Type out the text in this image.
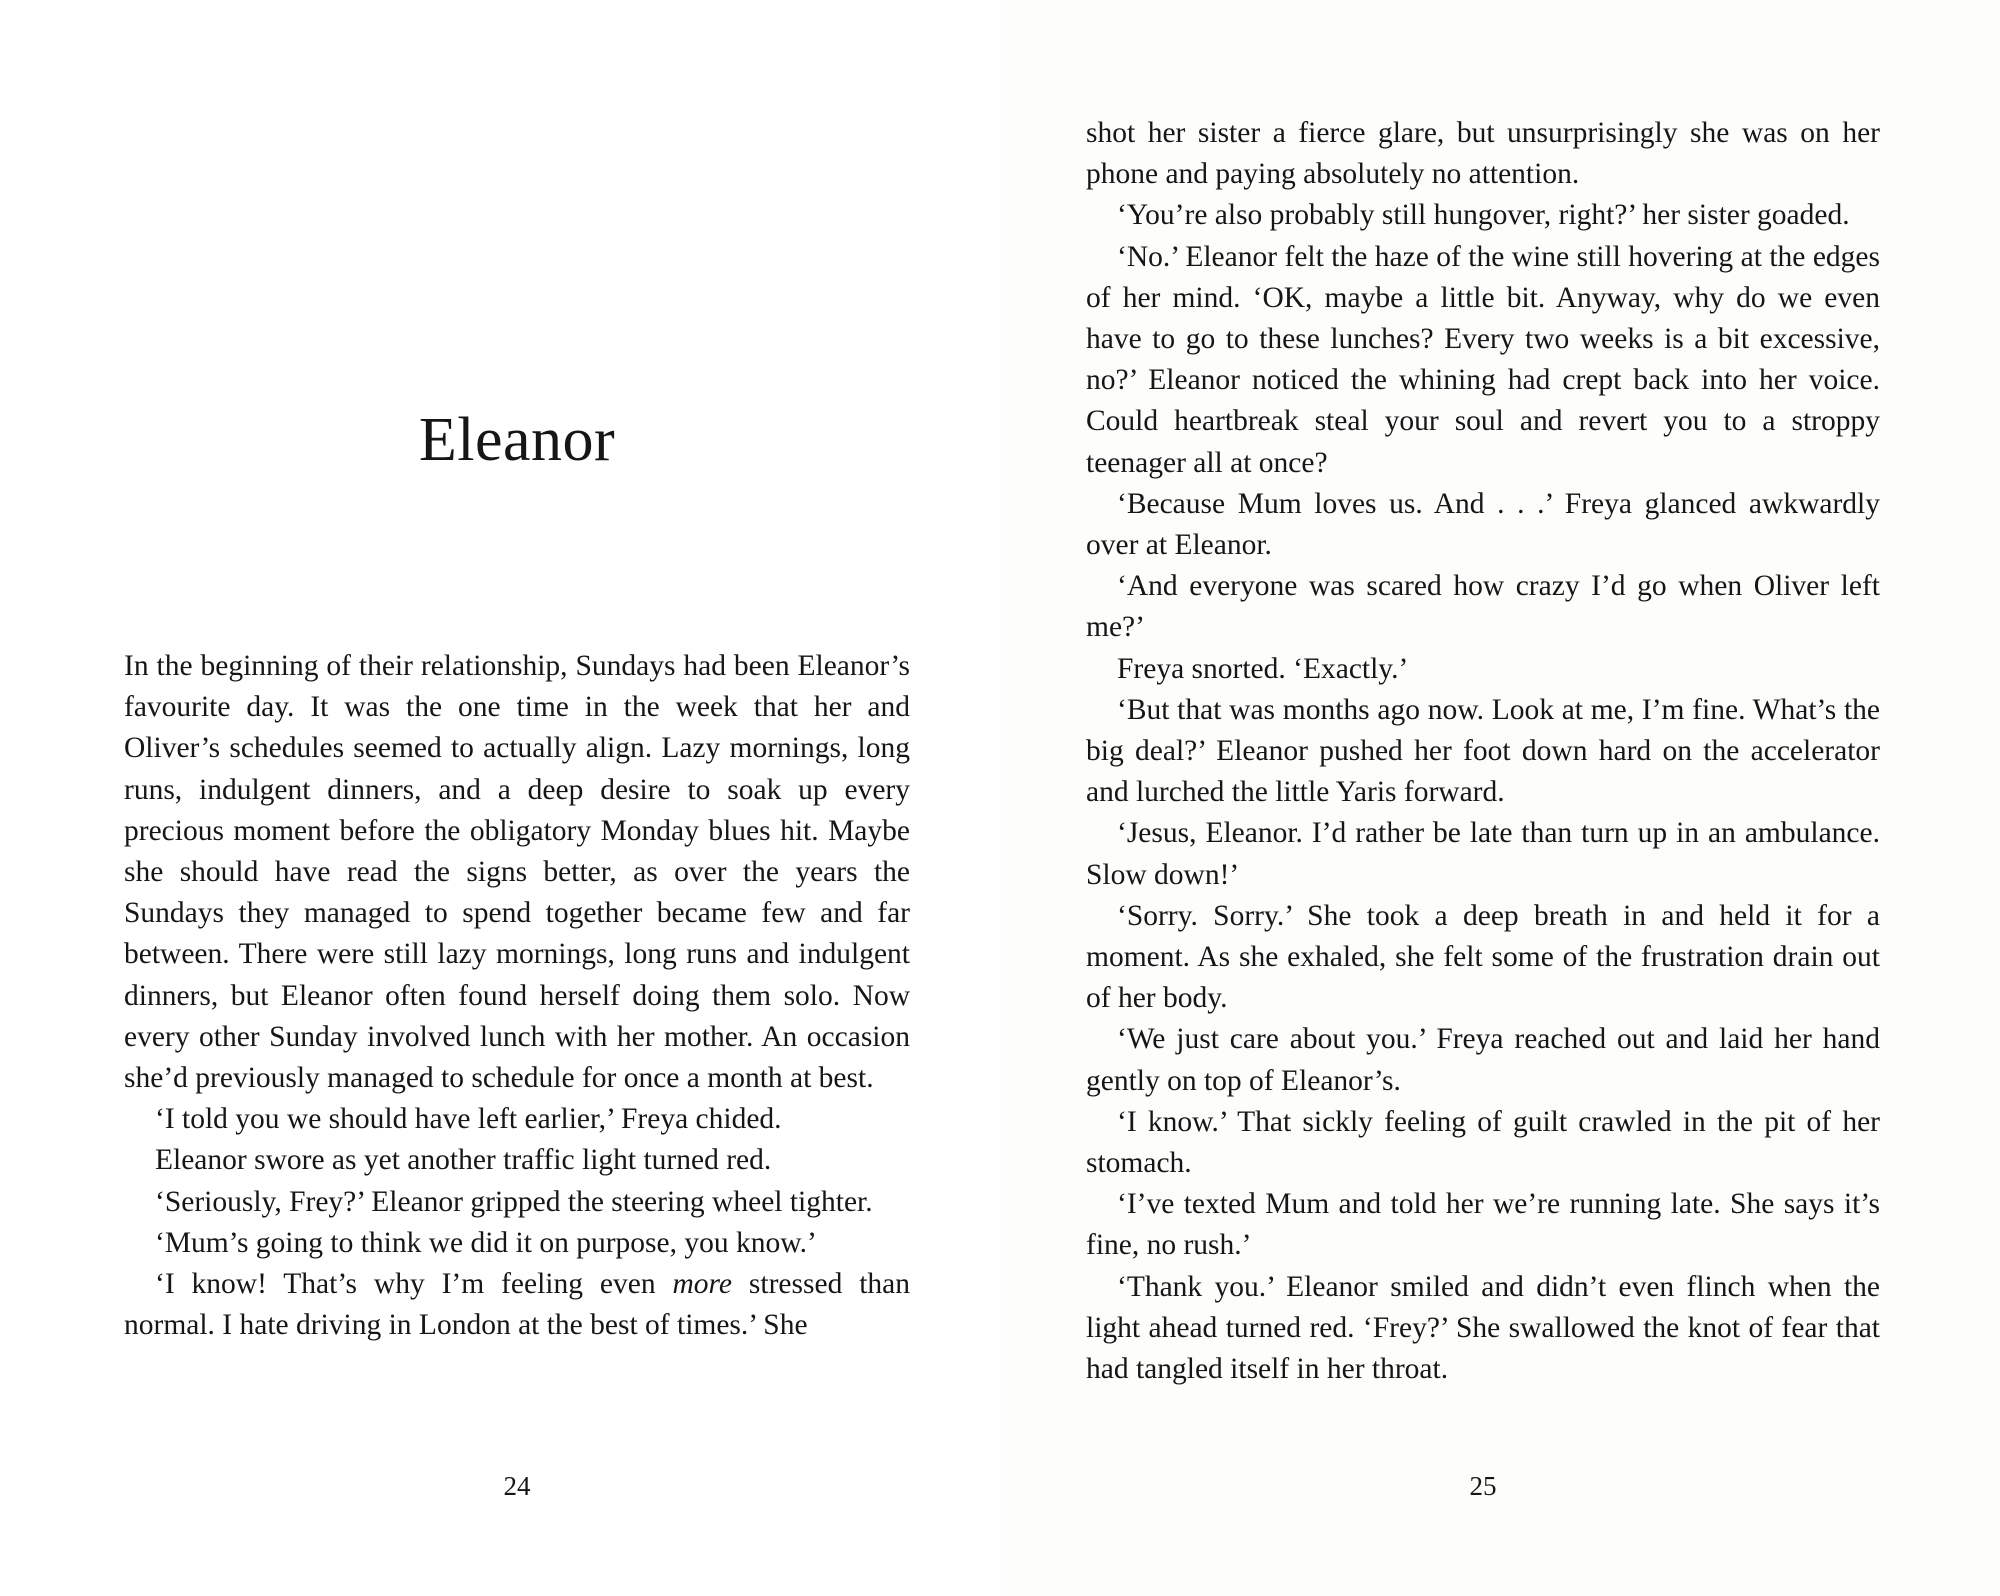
Eleanor

In the beginning of their relationship, Sundays had been Eleanor’s favourite day. It was the one time in the week that her and Oliver’s schedules seemed to actually align. Lazy mornings, long runs, indulgent dinners, and a deep desire to soak up every precious moment before the obligatory Monday blues hit. Maybe she should have read the signs better, as over the years the Sundays they managed to spend together became few and far between. There were still lazy mornings, long runs and indulgent dinners, but Eleanor often found herself doing them solo. Now every other Sunday involved lunch with her mother. An occasion she’d previously managed to schedule for once a month at best.

‘I told you we should have left earlier,’ Freya chided.

Eleanor swore as yet another traffic light turned red.

‘Seriously, Frey?’ Eleanor gripped the steering wheel tighter.

‘Mum’s going to think we did it on purpose, you know.’

‘I know! That’s why I’m feeling even more stressed than normal. I hate driving in London at the best of times.’ She

24

shot her sister a fierce glare, but unsurprisingly she was on her phone and paying absolutely no attention.

‘You’re also probably still hungover, right?’ her sister goaded.

‘No.’ Eleanor felt the haze of the wine still hovering at the edges of her mind. ‘OK, maybe a little bit. Anyway, why do we even have to go to these lunches? Every two weeks is a bit excessive, no?’ Eleanor noticed the whining had crept back into her voice. Could heartbreak steal your soul and revert you to a stroppy teenager all at once?

‘Because Mum loves us. And . . .’ Freya glanced awkwardly over at Eleanor.

‘And everyone was scared how crazy I’d go when Oliver left me?’

Freya snorted. ‘Exactly.’

‘But that was months ago now. Look at me, I’m fine. What’s the big deal?’ Eleanor pushed her foot down hard on the accelerator and lurched the little Yaris forward.

‘Jesus, Eleanor. I’d rather be late than turn up in an ambulance. Slow down!’

‘Sorry. Sorry.’ She took a deep breath in and held it for a moment. As she exhaled, she felt some of the frustration drain out of her body.

‘We just care about you.’ Freya reached out and laid her hand gently on top of Eleanor’s.

‘I know.’ That sickly feeling of guilt crawled in the pit of her stomach.

‘I’ve texted Mum and told her we’re running late. She says it’s fine, no rush.’

‘Thank you.’ Eleanor smiled and didn’t even flinch when the light ahead turned red. ‘Frey?’ She swallowed the knot of fear that had tangled itself in her throat.

25
